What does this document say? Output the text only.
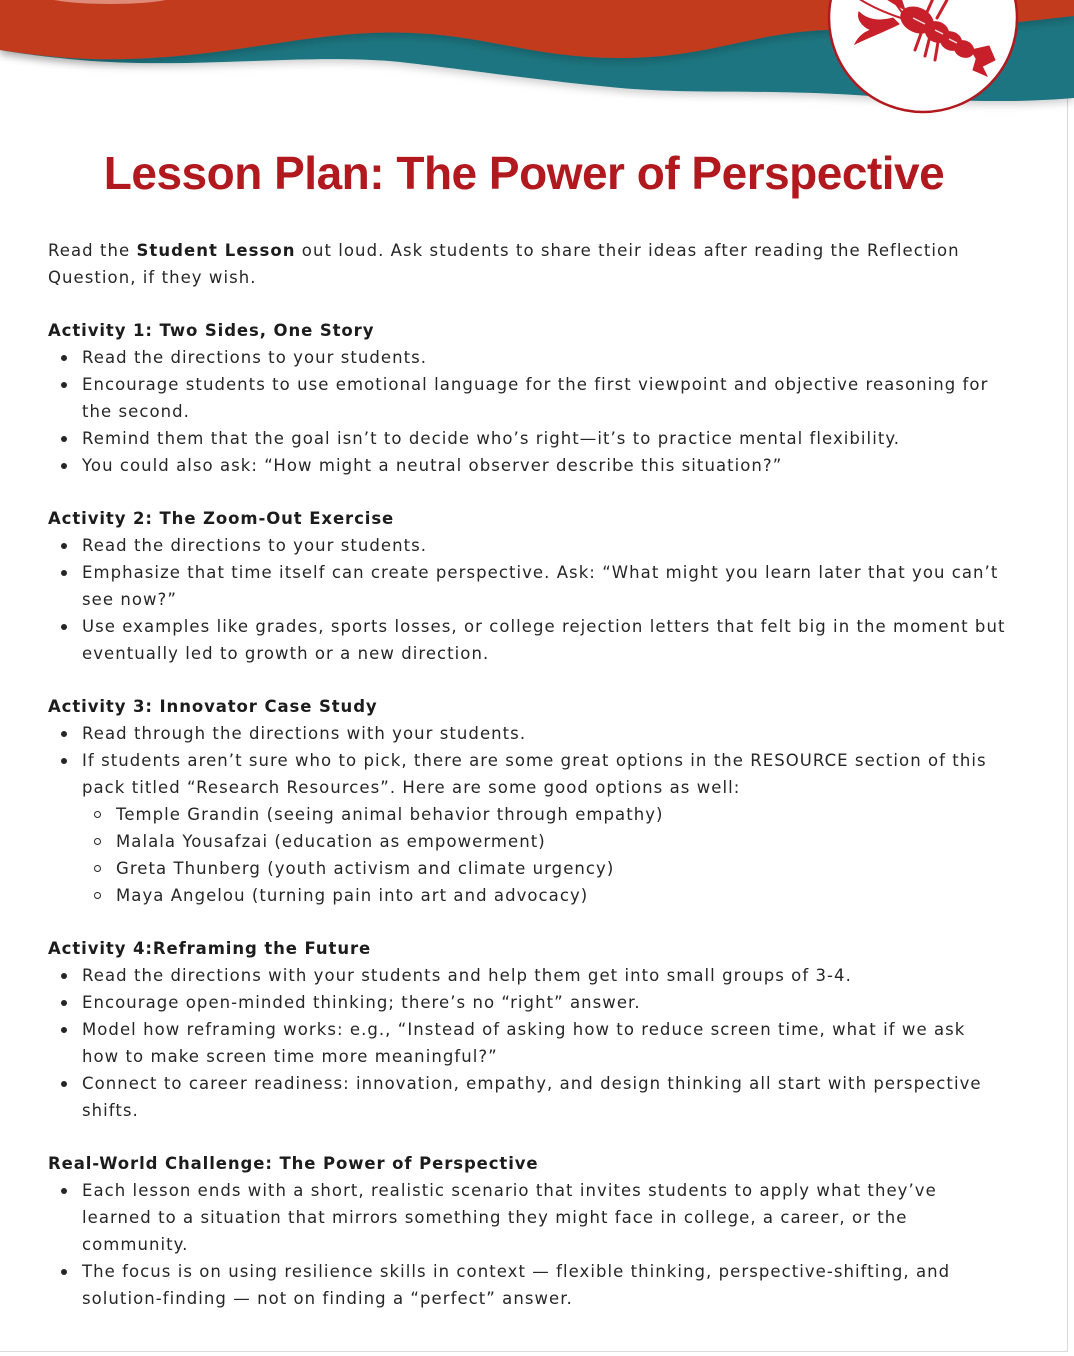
Lesson Plan: The Power of Perspective

Read the Student Lesson out loud. Ask students to share their ideas after reading the Reflection Question, if they wish.

Activity 1: Two Sides, One Story

Read the directions to your students.
Encourage students to use emotional language for the first viewpoint and objective reasoning for the second.
Remind them that the goal isn’t to decide who’s right—it’s to practice mental flexibility.
You could also ask: “How might a neutral observer describe this situation?”

Activity 2: The Zoom-Out Exercise

Read the directions to your students.
Emphasize that time itself can create perspective. Ask: “What might you learn later that you can’t see now?”
Use examples like grades, sports losses, or college rejection letters that felt big in the moment but eventually led to growth or a new direction.

Activity 3: Innovator Case Study

Read through the directions with your students.
If students aren’t sure who to pick, there are some great options in the RESOURCE section of this pack titled “Research Resources”. Here are some good options as well:
Temple Grandin (seeing animal behavior through empathy)
Malala Yousafzai (education as empowerment)
Greta Thunberg (youth activism and climate urgency)
Maya Angelou (turning pain into art and advocacy)

Activity 4:Reframing the Future

Read the directions with your students and help them get into small groups of 3-4.
Encourage open-minded thinking; there’s no “right” answer.
Model how reframing works: e.g., “Instead of asking how to reduce screen time, what if we ask how to make screen time more meaningful?”
Connect to career readiness: innovation, empathy, and design thinking all start with perspective shifts.

Real-World Challenge: The Power of Perspective

Each lesson ends with a short, realistic scenario that invites students to apply what they’ve learned to a situation that mirrors something they might face in college, a career, or the community.
The focus is on using resilience skills in context — flexible thinking, perspective-shifting, and solution-finding — not on finding a “perfect” answer.
